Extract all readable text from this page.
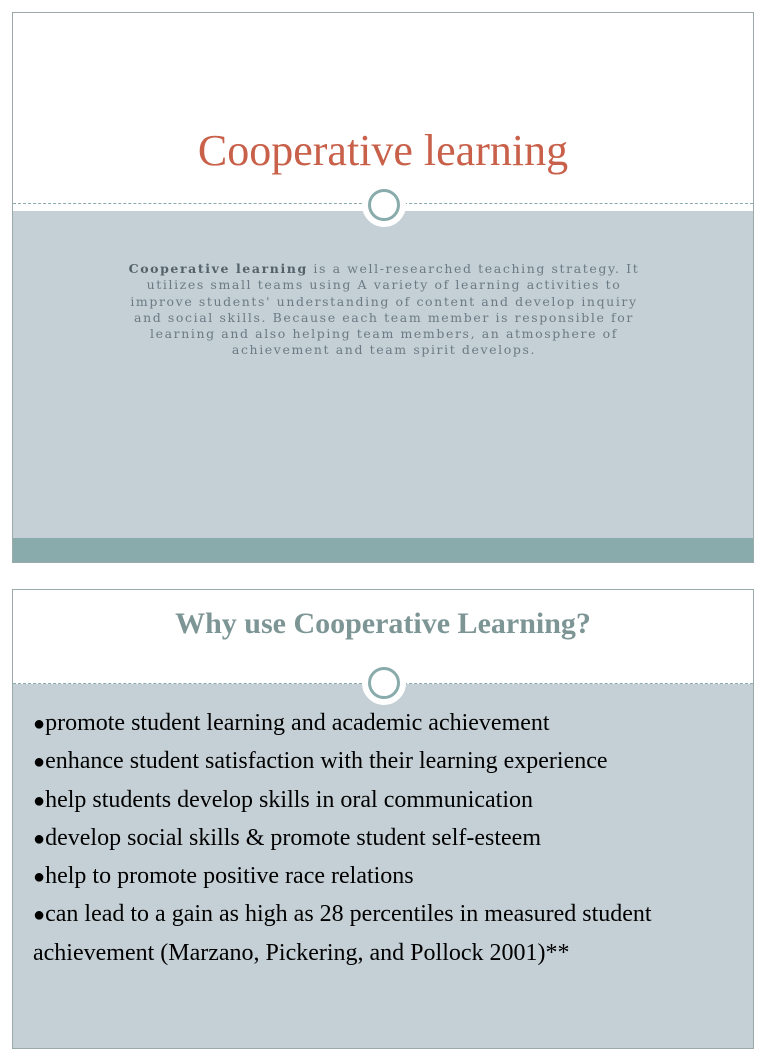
Cooperative learning
Cooperative learning is a well-researched teaching strategy. It utilizes small teams using A variety of learning activities to improve students' understanding of content and develop inquiry and social skills. Because each team member is responsible for learning and also helping team members, an atmosphere of achievement and team spirit develops.
Why use Cooperative Learning?
●promote student learning and academic achievement
●enhance student satisfaction with their learning experience
●help students develop skills in oral communication
●develop social skills & promote student self-esteem
●help to promote positive race relations
●can lead to a gain as high as 28 percentiles in measured student achievement (Marzano, Pickering, and Pollock 2001)**
